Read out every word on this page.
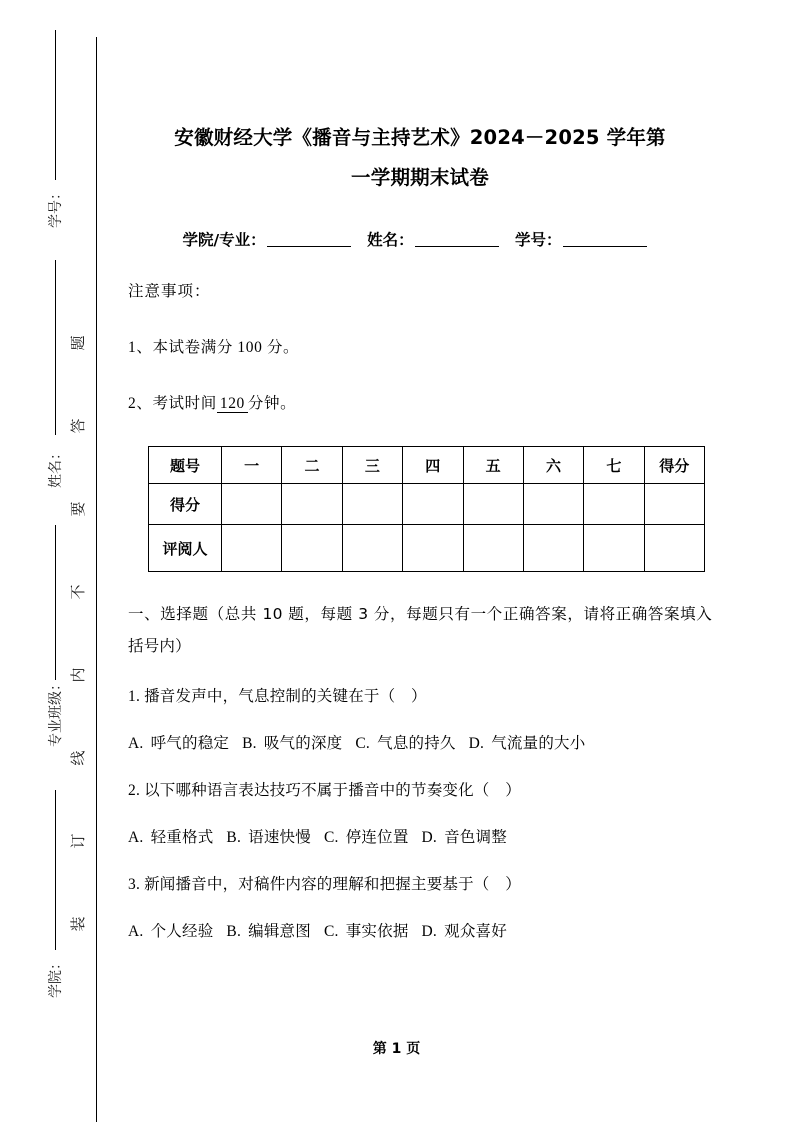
题
答
要
不
内
线
订
装
学号：
姓名：
专业班级：
学院：
安徽财经大学《播音与主持艺术》2024－2025 学年第
一学期期末试卷

学院/专业：	姓名：	学号：

注意事项：

1、本试卷满分 100 分。

2、考试时间 120 分钟。

题号	一	二	三	四	五	六	七	得分
得分								
评阅人								

一、选择题（总共 10 题，每题 3 分，每题只有一个正确答案，请将正确答案填入括号内）

1. 播音发声中，气息控制的关键在于（　）

A. 呼气的稳定 B. 吸气的深度 C. 气息的持久 D. 气流量的大小

2. 以下哪种语言表达技巧不属于播音中的节奏变化（　）

A. 轻重格式 B. 语速快慢 C. 停连位置 D. 音色调整

3. 新闻播音中，对稿件内容的理解和把握主要基于（　）

A. 个人经验 B. 编辑意图 C. 事实依据 D. 观众喜好

第 1 页
